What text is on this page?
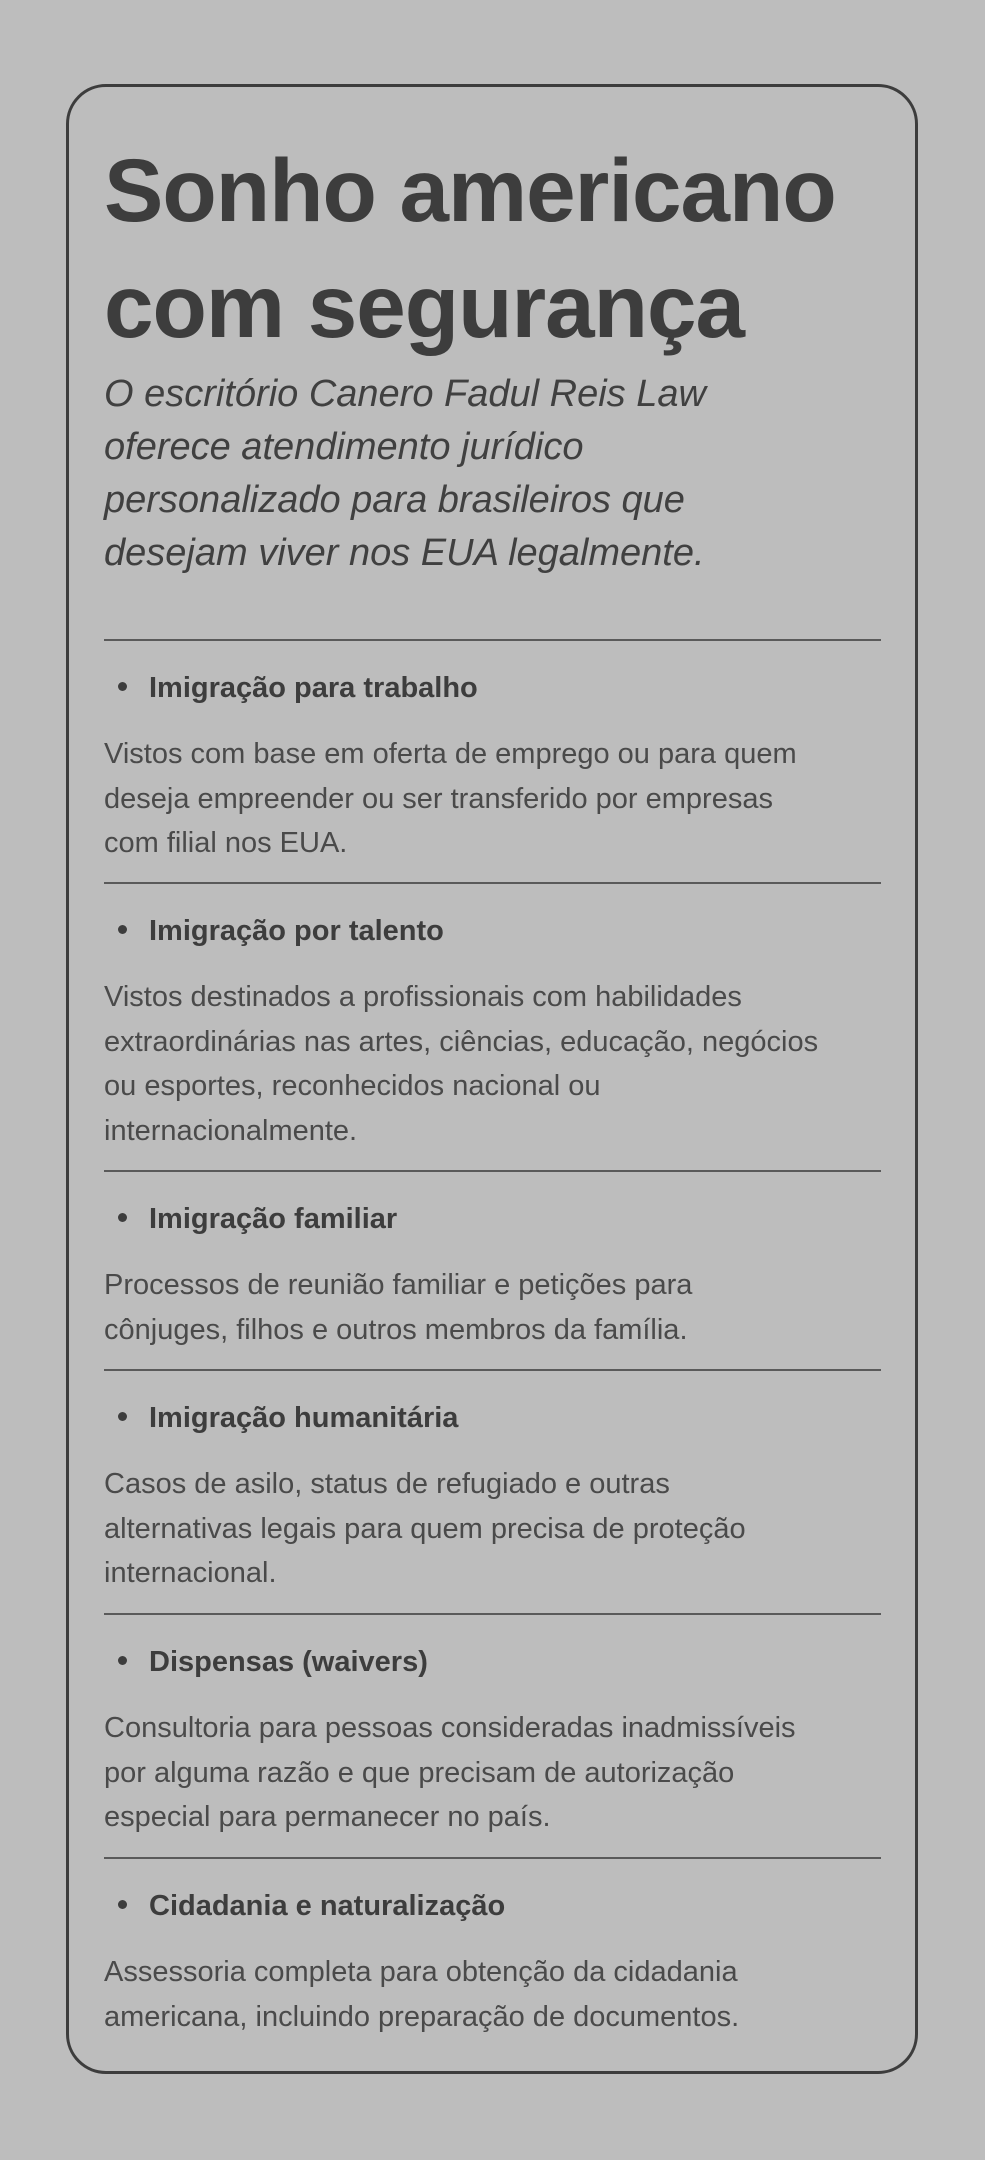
Sonho americano
com segurança

O escritório Canero Fadul Reis Law
oferece atendimento jurídico
personalizado para brasileiros que
desejam viver nos EUA legalmente.

Imigração para trabalho

Vistos com base em oferta de emprego ou para quem
deseja empreender ou ser transferido por empresas
com filial nos EUA.

Imigração por talento

Vistos destinados a profissionais com habilidades
extraordinárias nas artes, ciências, educação, negócios
ou esportes, reconhecidos nacional ou
internacionalmente.

Imigração familiar

Processos de reunião familiar e petições para
cônjuges, filhos e outros membros da família.

Imigração humanitária

Casos de asilo, status de refugiado e outras
alternativas legais para quem precisa de proteção
internacional.

Dispensas (waivers)

Consultoria para pessoas consideradas inadmissíveis
por alguma razão e que precisam de autorização
especial para permanecer no país.

Cidadania e naturalização

Assessoria completa para obtenção da cidadania
americana, incluindo preparação de documentos.
